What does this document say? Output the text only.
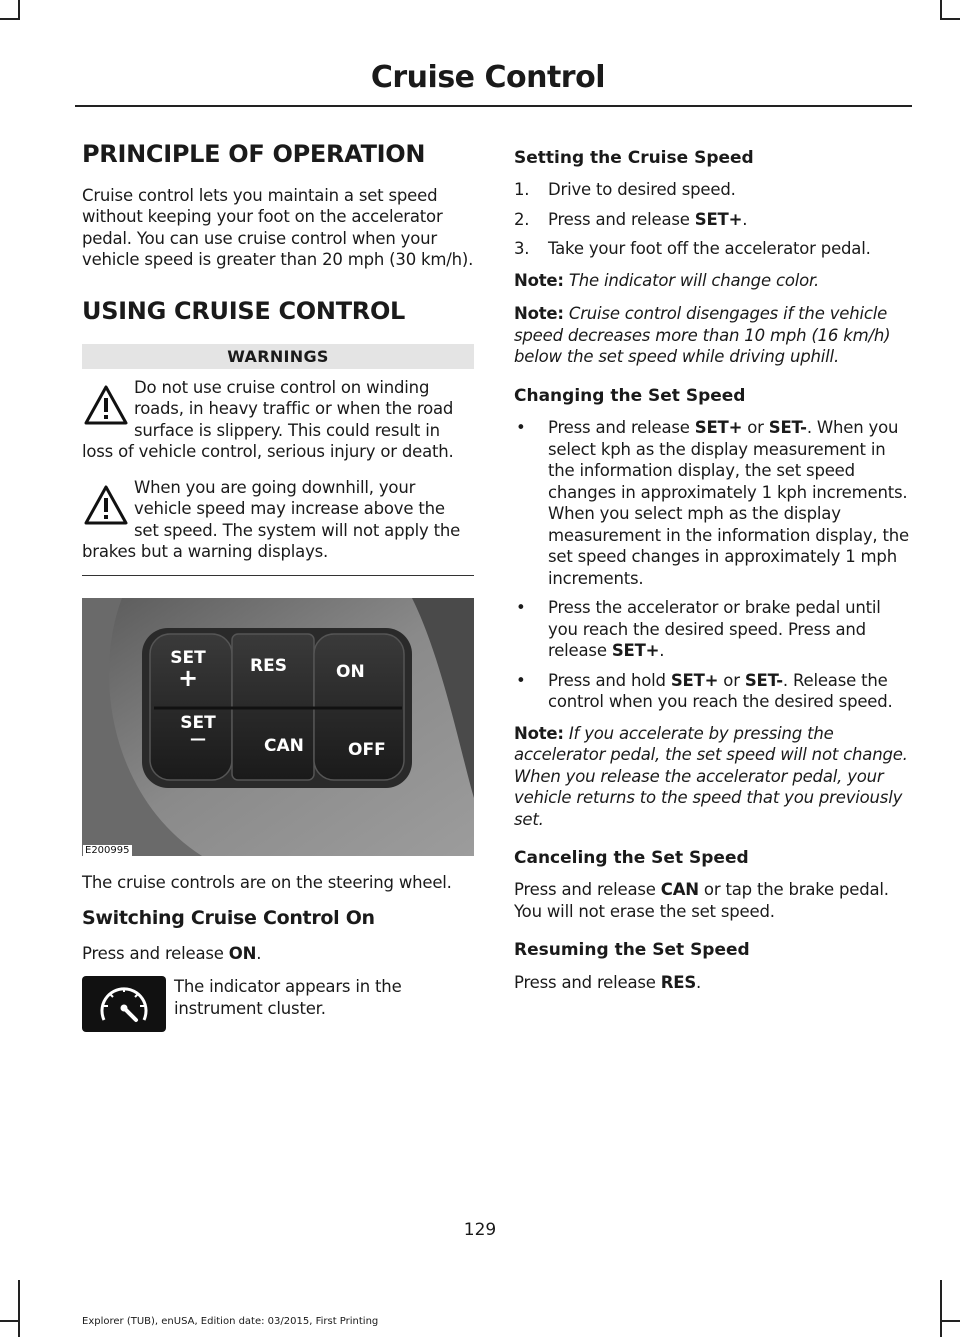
Cruise Control
PRINCIPLE OF OPERATION

Cruise control lets you maintain a set speed without keeping your foot on the accelerator pedal. You can use cruise control when your vehicle speed is greater than 20 mph (30 km/h).

USING CRUISE CONTROL
WARNINGS
Do not use cruise control on winding roads, in heavy traffic or when the road surface is slippery. This could result in loss of vehicle control, serious injury or death.
When you are going downhill, your vehicle speed may increase above the set speed. The system will not apply the brakes but a warning displays.
SET
+
SET
—
RES
CAN
ON
OFF
E200995

The cruise controls are on the steering wheel.

Switching Cruise Control On

Press and release ON.

The indicator appears in the instrument cluster.

Setting the Cruise Speed
1. Drive to desired speed.
2. Press and release SET+.
3. Take your foot off the accelerator pedal.

Note: The indicator will change color.

Note: Cruise control disengages if the vehicle speed decreases more than 10 mph (16 km/h) below the set speed while driving uphill.

Changing the Set Speed
• Press and release SET+ or SET-. When you select kph as the display measurement in the information display, the set speed changes in approximately 1 kph increments. When you select mph as the display measurement in the information display, the set speed changes in approximately 1 mph increments.
• Press the accelerator or brake pedal until you reach the desired speed. Press and release SET+.
• Press and hold SET+ or SET-. Release the control when you reach the desired speed.

Note: If you accelerate by pressing the accelerator pedal, the set speed will not change. When you release the accelerator pedal, your vehicle returns to the speed that you previously set.

Canceling the Set Speed

Press and release CAN or tap the brake pedal. You will not erase the set speed.

Resuming the Set Speed

Press and release RES.

129
Explorer (TUB), enUSA, Edition date: 03/2015, First Printing
